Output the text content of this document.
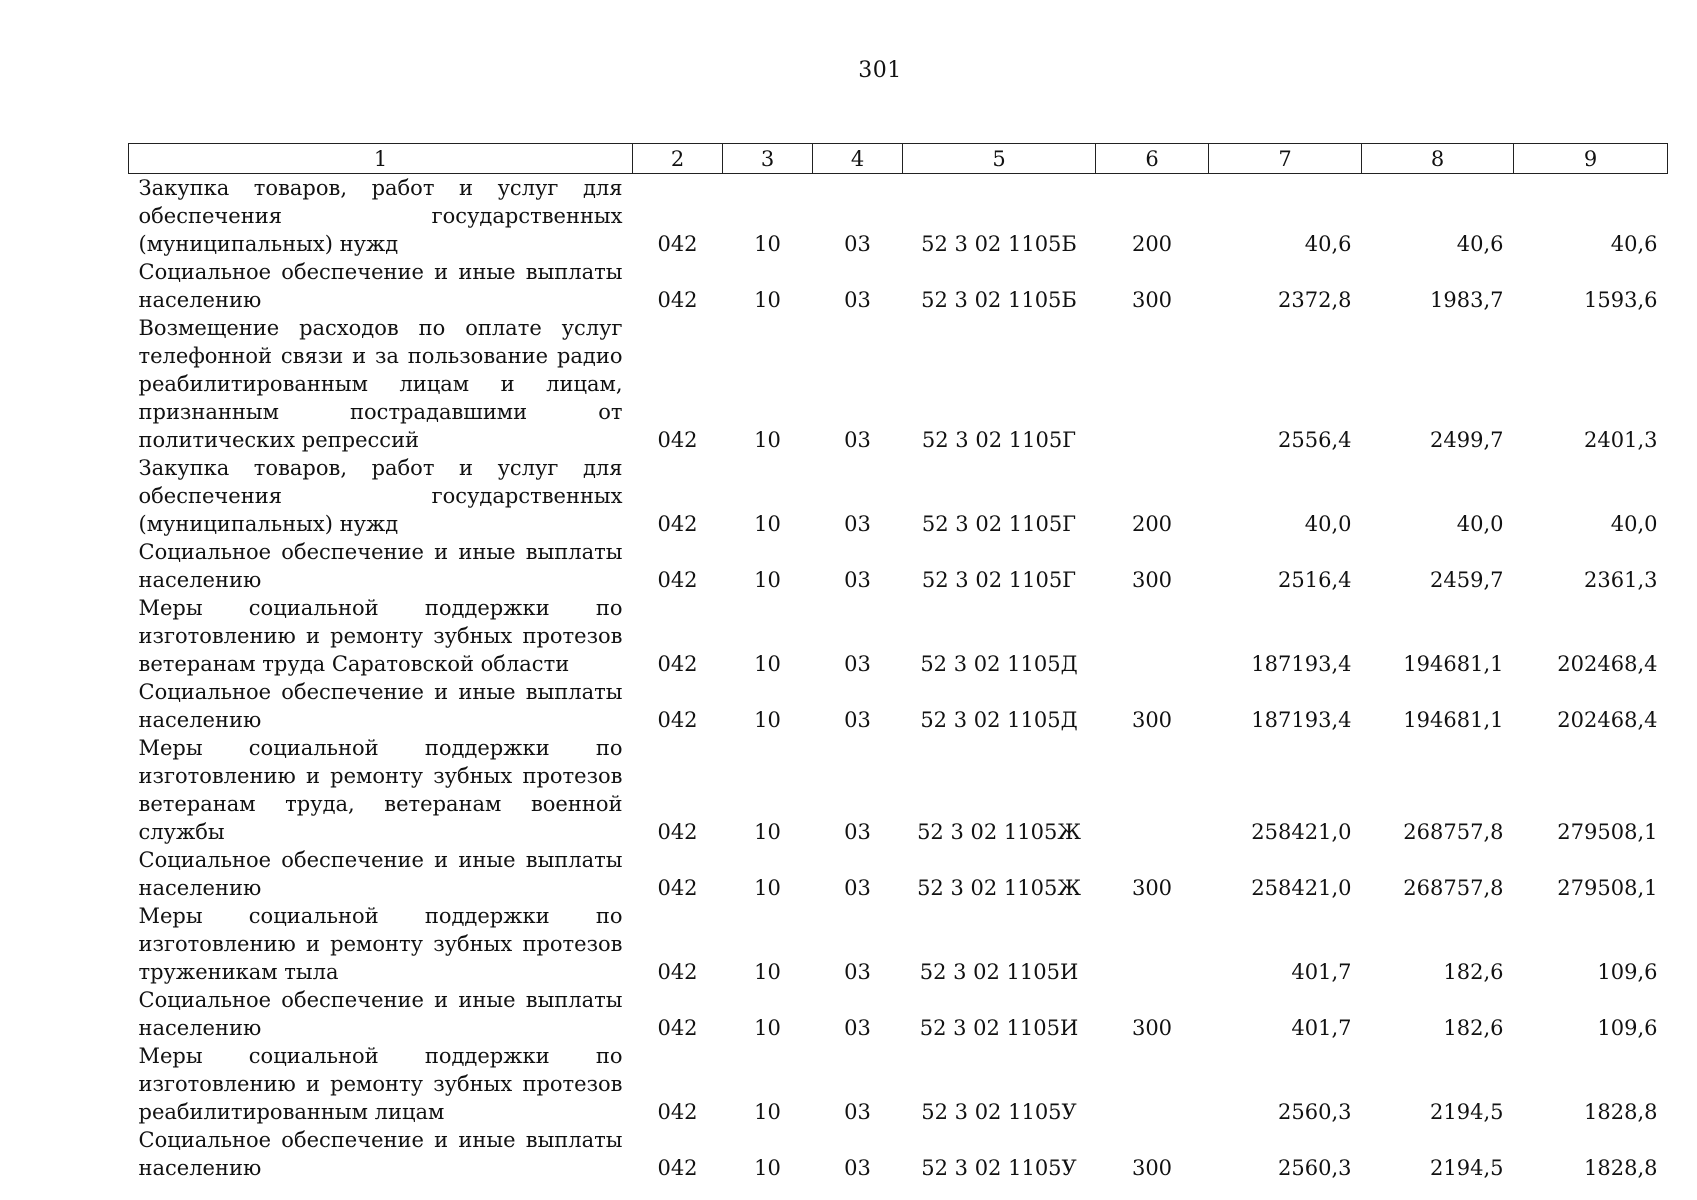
301
1	2	3	4	5	6	7	8	9
Закупка товаров, работ и услуг для обеспечения государственных (муниципальных) нужд	042	10	03	52 3 02 1105Б	200	40,6	40,6	40,6
Социальное обеспечение и иные выплаты населению	042	10	03	52 3 02 1105Б	300	2372,8	1983,7	1593,6
Возмещение расходов по оплате услуг телефонной связи и за пользование радио реабилитированным лицам и лицам, признанным пострадавшими от политических репрессий	042	10	03	52 3 02 1105Г		2556,4	2499,7	2401,3
Закупка товаров, работ и услуг для обеспечения государственных (муниципальных) нужд	042	10	03	52 3 02 1105Г	200	40,0	40,0	40,0
Социальное обеспечение и иные выплаты населению	042	10	03	52 3 02 1105Г	300	2516,4	2459,7	2361,3
Меры социальной поддержки по изготовлению и ремонту зубных протезов ветеранам труда Саратовской области	042	10	03	52 3 02 1105Д		187193,4	194681,1	202468,4
Социальное обеспечение и иные выплаты населению	042	10	03	52 3 02 1105Д	300	187193,4	194681,1	202468,4
Меры социальной поддержки по изготовлению и ремонту зубных протезов ветеранам труда, ветеранам военной службы	042	10	03	52 3 02 1105Ж		258421,0	268757,8	279508,1
Социальное обеспечение и иные выплаты населению	042	10	03	52 3 02 1105Ж	300	258421,0	268757,8	279508,1
Меры социальной поддержки по изготовлению и ремонту зубных протезов труженикам тыла	042	10	03	52 3 02 1105И		401,7	182,6	109,6
Социальное обеспечение и иные выплаты населению	042	10	03	52 3 02 1105И	300	401,7	182,6	109,6
Меры социальной поддержки по изготовлению и ремонту зубных протезов реабилитированным лицам	042	10	03	52 3 02 1105У		2560,3	2194,5	1828,8
Социальное обеспечение и иные выплаты населению	042	10	03	52 3 02 1105У	300	2560,3	2194,5	1828,8
